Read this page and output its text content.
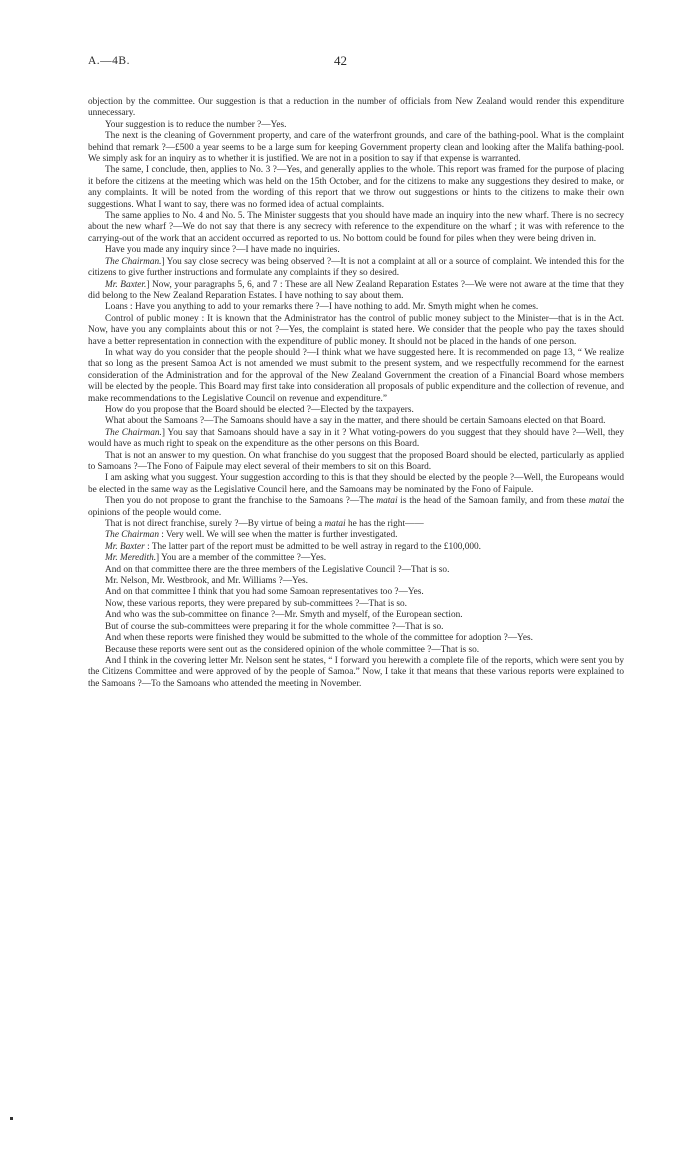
A.—4B.	42

objection by the committee. Our suggestion is that a reduction in the number of officials from New Zealand would render this expenditure unnecessary.

Your suggestion is to reduce the number ?—Yes.

The next is the cleaning of Government property, and care of the waterfront grounds, and care of the bathing-pool. What is the complaint behind that remark ?—£500 a year seems to be a large sum for keeping Government property clean and looking after the Malifa bathing-pool. We simply ask for an inquiry as to whether it is justified. We are not in a position to say if that expense is warranted.

The same, I conclude, then, applies to No. 3 ?—Yes, and generally applies to the whole. This report was framed for the purpose of placing it before the citizens at the meeting which was held on the 15th October, and for the citizens to make any suggestions they desired to make, or any complaints. It will be noted from the wording of this report that we throw out suggestions or hints to the citizens to make their own suggestions. What I want to say, there was no formed idea of actual complaints.

The same applies to No. 4 and No. 5. The Minister suggests that you should have made an inquiry into the new wharf. There is no secrecy about the new wharf ?—We do not say that there is any secrecy with reference to the expenditure on the wharf ; it was with reference to the carrying-out of the work that an accident occurred as reported to us. No bottom could be found for piles when they were being driven in.

Have you made any inquiry since ?—I have made no inquiries.

The Chairman.] You say close secrecy was being observed ?—It is not a complaint at all or a source of complaint. We intended this for the citizens to give further instructions and formulate any complaints if they so desired.

Mr. Baxter.] Now, your paragraphs 5, 6, and 7 : These are all New Zealand Reparation Estates ?—We were not aware at the time that they did belong to the New Zealand Reparation Estates. I have nothing to say about them.

Loans : Have you anything to add to your remarks there ?—I have nothing to add. Mr. Smyth might when he comes.

Control of public money : It is known that the Administrator has the control of public money subject to the Minister—that is in the Act. Now, have you any complaints about this or not ?—Yes, the complaint is stated here. We consider that the people who pay the taxes should have a better representation in connection with the expenditure of public money. It should not be placed in the hands of one person.

In what way do you consider that the people should ?—I think what we have suggested here. It is recommended on page 13, “ We realize that so long as the present Samoa Act is not amended we must submit to the present system, and we respectfully recommend for the earnest consideration of the Administration and for the approval of the New Zealand Government the creation of a Financial Board whose members will be elected by the people. This Board may first take into consideration all proposals of public expenditure and the collection of revenue, and make recommendations to the Legislative Council on revenue and expenditure.”

How do you propose that the Board should be elected ?—Elected by the taxpayers.

What about the Samoans ?—The Samoans should have a say in the matter, and there should be certain Samoans elected on that Board.

The Chairman.] You say that Samoans should have a say in it ? What voting-powers do you suggest that they should have ?—Well, they would have as much right to speak on the expenditure as the other persons on this Board.

That is not an answer to my question. On what franchise do you suggest that the proposed Board should be elected, particularly as applied to Samoans ?—The Fono of Faipule may elect several of their members to sit on this Board.

I am asking what you suggest. Your suggestion according to this is that they should be elected by the people ?—Well, the Europeans would be elected in the same way as the Legislative Council here, and the Samoans may be nominated by the Fono of Faipule.

Then you do not propose to grant the franchise to the Samoans ?—The matai is the head of the Samoan family, and from these matai the opinions of the people would come.

That is not direct franchise, surely ?—By virtue of being a matai he has the right——

The Chairman : Very well. We will see when the matter is further investigated.

Mr. Baxter : The latter part of the report must be admitted to be well astray in regard to the £100,000.

Mr. Meredith.] You are a member of the committee ?—Yes.

And on that committee there are the three members of the Legislative Council ?—That is so.

Mr. Nelson, Mr. Westbrook, and Mr. Williams ?—Yes.

And on that committee I think that you had some Samoan representatives too ?—Yes.

Now, these various reports, they were prepared by sub-committees ?—That is so.

And who was the sub-committee on finance ?—Mr. Smyth and myself, of the European section.

But of course the sub-committees were preparing it for the whole committee ?—That is so.

And when these reports were finished they would be submitted to the whole of the committee for adoption ?—Yes.

Because these reports were sent out as the considered opinion of the whole committee ?—That is so.

And I think in the covering letter Mr. Nelson sent he states, “ I forward you herewith a complete file of the reports, which were sent you by the Citizens Committee and were approved of by the people of Samoa.” Now, I take it that means that these various reports were explained to the Samoans ?—To the Samoans who attended the meeting in November.
